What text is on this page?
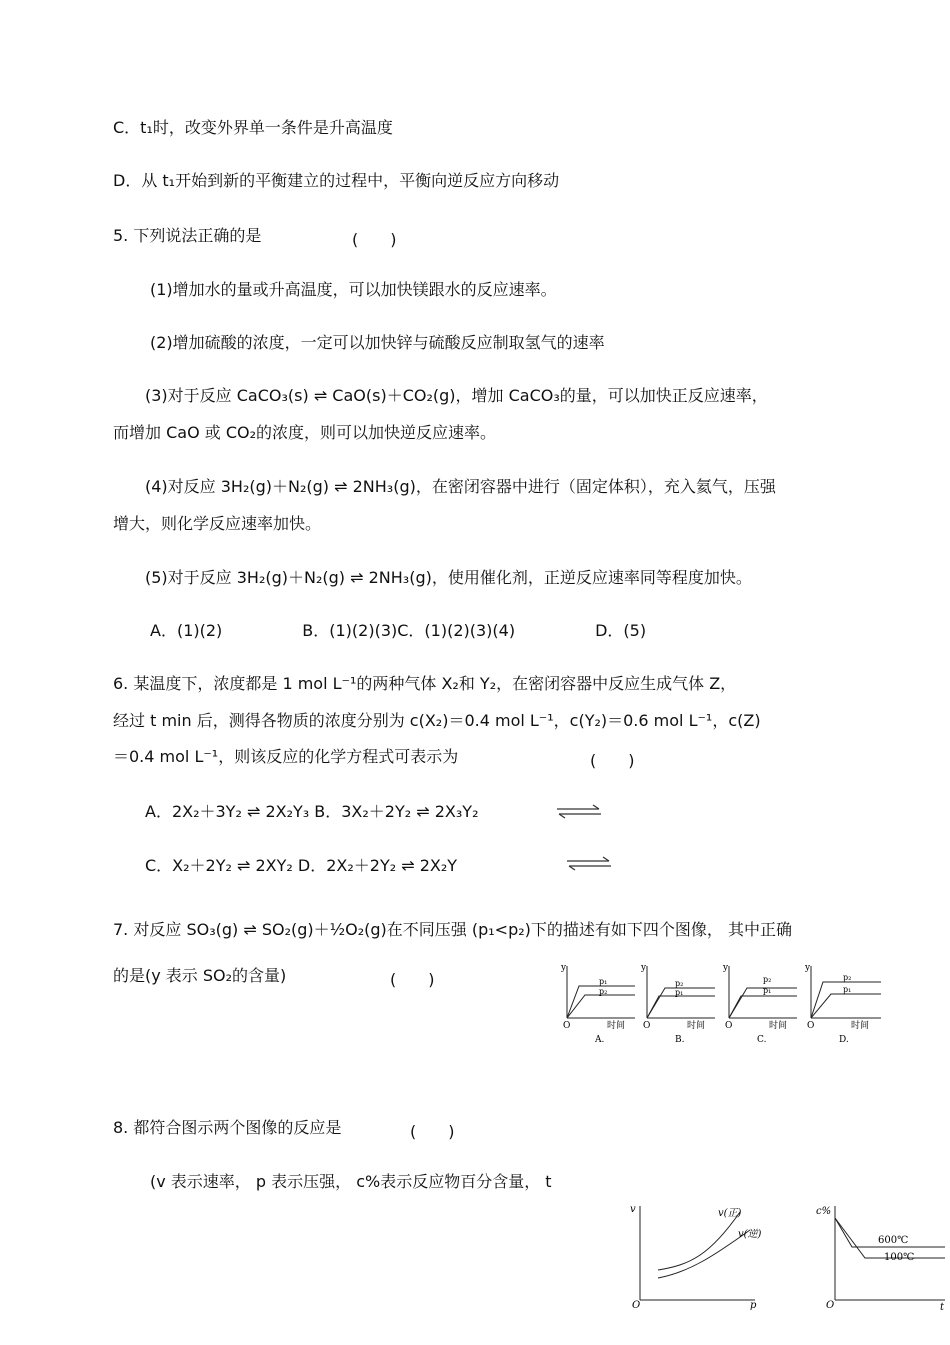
C．t₁时，改变外界单一条件是升高温度
D．从 t₁开始到新的平衡建立的过程中，平衡向逆反应方向移动
5. 下列说法正确的是	(　　)
(1)增加水的量或升高温度，可以加快镁跟水的反应速率。
(2)增加硫酸的浓度，一定可以加快锌与硫酸反应制取氢气的速率
(3)对于反应 CaCO₃(s) ⇌ CaO(s)＋CO₂(g)，增加 CaCO₃的量，可以加快正反应速率，
而增加 CaO 或 CO₂的浓度，则可以加快逆反应速率。
(4)对反应 3H₂(g)＋N₂(g) ⇌ 2NH₃(g)，在密闭容器中进行（固定体积），充入氦气，压强
增大，则化学反应速率加快。
(5)对于反应 3H₂(g)＋N₂(g) ⇌ 2NH₃(g)，使用催化剂，正逆反应速率同等程度加快。
A．(1)(2)　　　　　B．(1)(2)(3)C．(1)(2)(3)(4)　　　　　D．(5)
6. 某温度下，浓度都是 1 mol L⁻¹的两种气体 X₂和 Y₂，在密闭容器中反应生成气体 Z，
经过 t min 后，测得各物质的浓度分别为 c(X₂)＝0.4 mol L⁻¹，c(Y₂)＝0.6 mol L⁻¹，c(Z)
＝0.4 mol L⁻¹，则该反应的化学方程式可表示为	(　　)
A．2X₂＋3Y₂ ⇌ 2X₂Y₃ B．3X₂＋2Y₂ ⇌ 2X₃Y₂
C．X₂＋2Y₂ ⇌ 2XY₂ D．2X₂＋2Y₂ ⇌ 2X₂Y
7. 对反应 SO₃(g) ⇌ SO₂(g)＋½O₂(g)在不同压强 (p₁<p₂)下的描述有如下四个图像， 其中正确
的是(y 表示 SO₂的含量)	(　　)
y
O	时间
p₁
p₂
A.
y
O	时间
p₂
p₁
B.
y
O	时间
p₂
p₁
C.
y
O	时间
p₂
p₁
D.
8. 都符合图示两个图像的反应是	(　　)
(v 表示速率， p 表示压强， c%表示反应物百分含量， t
v
O	p
v(正)
v(逆)
c%
O	t
600℃
100℃
